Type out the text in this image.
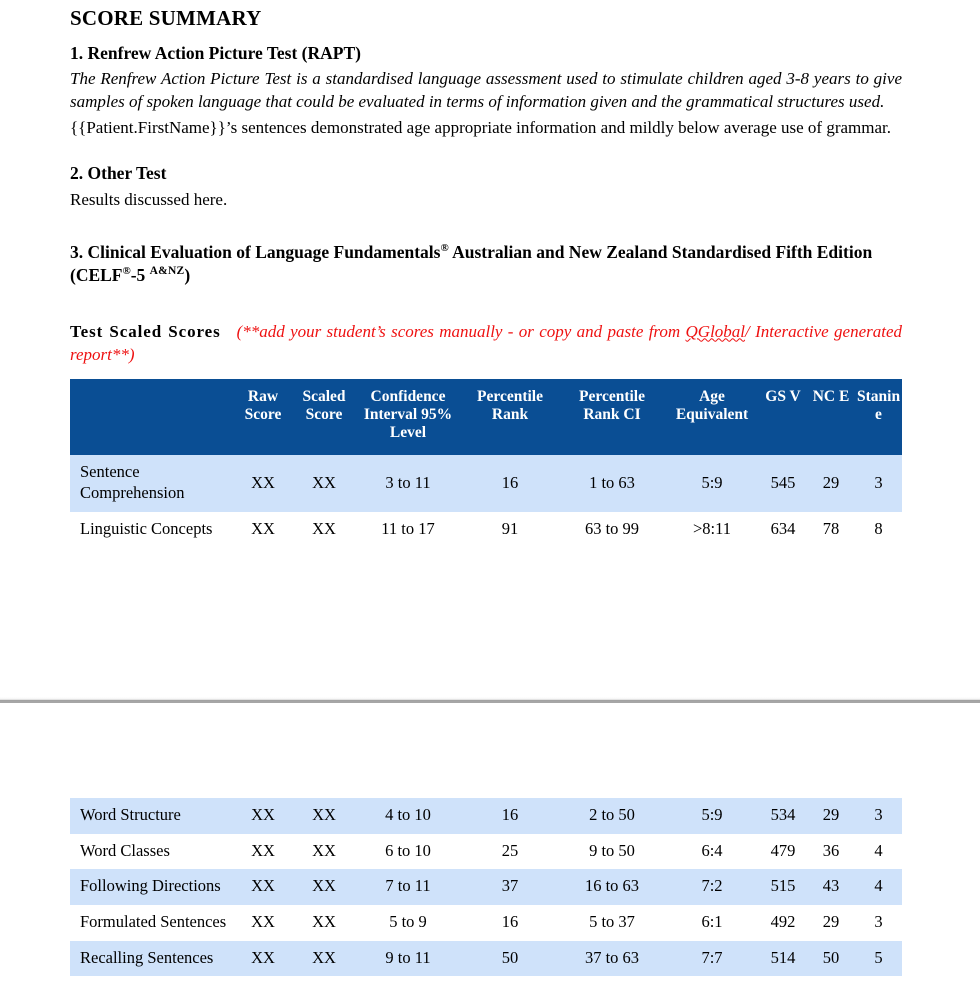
SCORE SUMMARY
1. Renfrew Action Picture Test (RAPT)

The Renfrew Action Picture Test is a standardised language assessment used to stimulate children aged 3-8 years to give samples of spoken language that could be evaluated in terms of information given and the grammatical structures used.

{{Patient.FirstName}}’s sentences demonstrated age appropriate information and mildly below average use of grammar.

2. Other Test

Results discussed here.

3. Clinical Evaluation of Language Fundamentals® Australian and New Zealand Standardised Fifth Edition (CELF®-5 $^{A\&NZ}$)
Test Scaled Scores (**add your student’s scores manually - or copy and paste from QGlobal/ Interactive generated report**)
	Raw Score	Scaled Score	Confidence Interval 95% Level	Percentile Rank	Percentile Rank CI	Age Equivalent	GS V	NC E	Stanin e
Sentence Comprehension	XX	XX	3 to 11	16	1 to 63	5:9	545	29	3
Linguistic Concepts	XX	XX	11 to 17	91	63 to 99	>8:11	634	78	8
Word Structure	XX	XX	4 to 10	16	2 to 50	5:9	534	29	3
Word Classes	XX	XX	6 to 10	25	9 to 50	6:4	479	36	4
Following Directions	XX	XX	7 to 11	37	16 to 63	7:2	515	43	4
Formulated Sentences	XX	XX	5 to 9	16	5 to 37	6:1	492	29	3
Recalling Sentences	XX	XX	9 to 11	50	37 to 63	7:7	514	50	5
